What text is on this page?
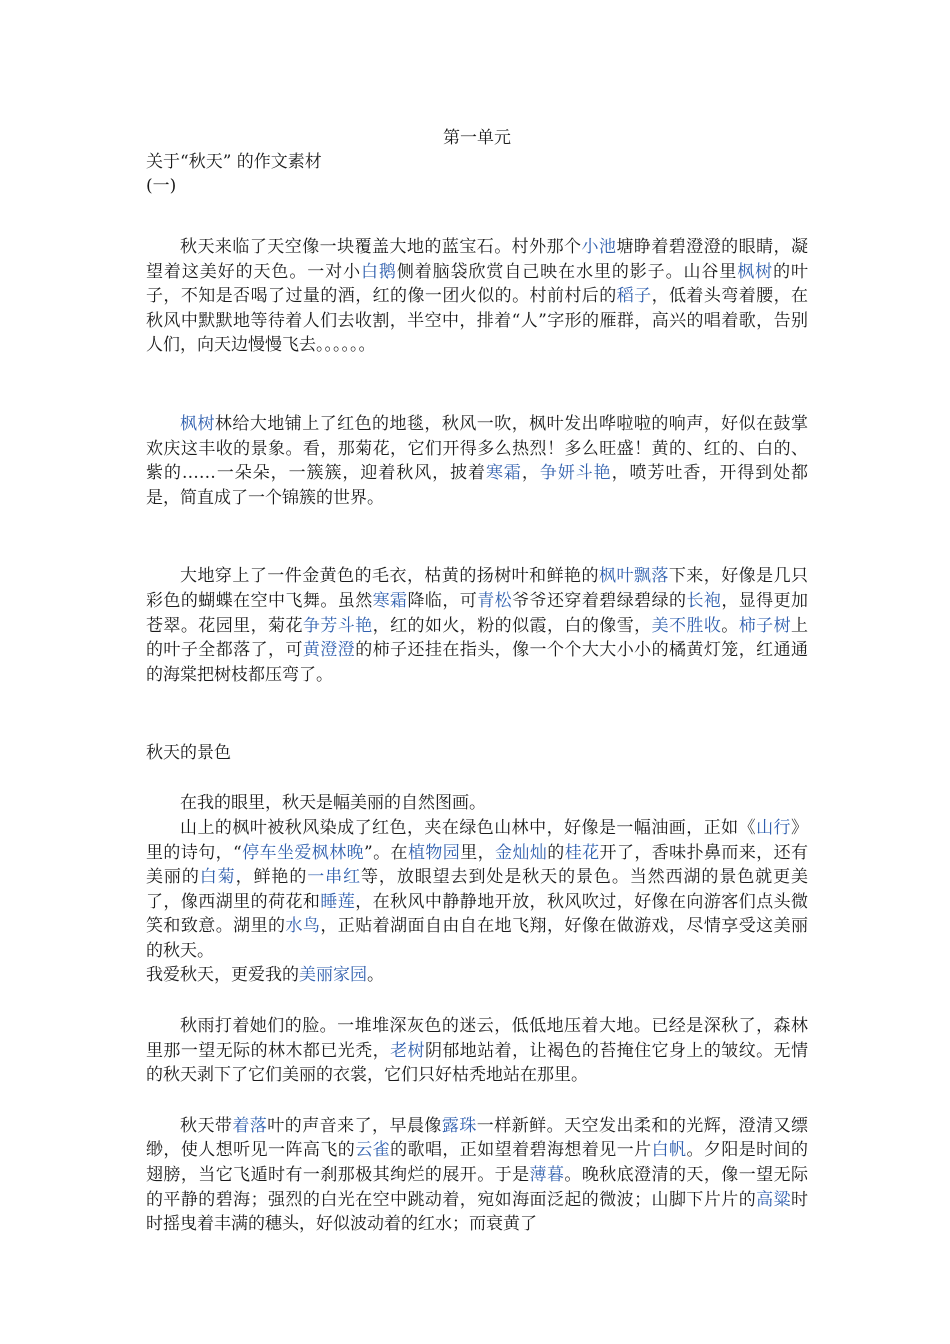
第一单元

关于“秋天” 的作文素材

(一)

秋天来临了天空像一块覆盖大地的蓝宝石。村外那个小池塘睁着碧澄澄的眼睛，凝望着这美好的天色。一对小白鹅侧着脑袋欣赏自己映在水里的影子。山谷里枫树的叶子，不知是否喝了过量的酒，红的像一团火似的。村前村后的稻子，低着头弯着腰，在秋风中默默地等待着人们去收割，半空中，排着“人”字形的雁群，高兴的唱着歌，告别人们，向天边慢慢飞去。。。。。。

枫树林给大地铺上了红色的地毯，秋风一吹，枫叶发出哗啦啦的响声，好似在鼓掌欢庆这丰收的景象。看，那菊花，它们开得多么热烈！多么旺盛！黄的、红的、白的、紫的……一朵朵，一簇簇，迎着秋风，披着寒霜，争妍斗艳，喷芳吐香，开得到处都是，简直成了一个锦簇的世界。

大地穿上了一件金黄色的毛衣，枯黄的扬树叶和鲜艳的枫叶飘落下来，好像是几只彩色的蝴蝶在空中飞舞。虽然寒霜降临，可青松爷爷还穿着碧绿碧绿的长袍，显得更加苍翠。花园里，菊花争芳斗艳，红的如火，粉的似霞，白的像雪，美不胜收。柿子树上的叶子全都落了，可黄澄澄的柿子还挂在指头，像一个个大大小小的橘黄灯笼，红通通的海棠把树枝都压弯了。

秋天的景色

在我的眼里，秋天是幅美丽的自然图画。

山上的枫叶被秋风染成了红色，夹在绿色山林中，好像是一幅油画，正如《山行》里的诗句，“停车坐爱枫林晚”。在植物园里，金灿灿的桂花开了，香味扑鼻而来，还有美丽的白菊，鲜艳的一串红等，放眼望去到处是秋天的景色。当然西湖的景色就更美了，像西湖里的荷花和睡莲，在秋风中静静地开放，秋风吹过，好像在向游客们点头微笑和致意。湖里的水鸟，正贴着湖面自由自在地飞翔，好像在做游戏，尽情享受这美丽的秋天。

我爱秋天，更爱我的美丽家园。

秋雨打着她们的脸。一堆堆深灰色的迷云，低低地压着大地。已经是深秋了，森林里那一望无际的林木都已光秃，老树阴郁地站着，让褐色的苔掩住它身上的皱纹。无情的秋天剥下了它们美丽的衣裳，它们只好枯秃地站在那里。

秋天带着落叶的声音来了，早晨像露珠一样新鲜。天空发出柔和的光辉，澄清又缥缈，使人想听见一阵高飞的云雀的歌唱，正如望着碧海想着见一片白帆。夕阳是时间的翅膀，当它飞遁时有一刹那极其绚烂的展开。于是薄暮。晚秋底澄清的天，像一望无际的平静的碧海；强烈的白光在空中跳动着，宛如海面泛起的微波；山脚下片片的高粱时时摇曳着丰满的穗头，好似波动着的红水；而衰黄了
